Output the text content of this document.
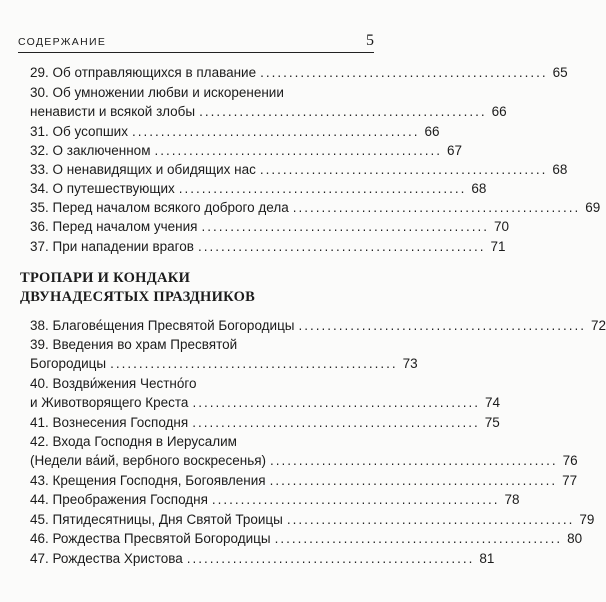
СОДЕРЖАНИЕ	5
29. Об отправляющихся в плавание .................................................. 65
30. Об умножении любви и искоренении
ненависти и всякой злобы .................................................. 66
31. Об усопших .................................................. 66
32. О заключенном .................................................. 67
33. О ненавидящих и обидящих нас .................................................. 68
34. О путешествующих .................................................. 68
35. Перед началом всякого доброго дела .................................................. 69
36. Перед началом учения .................................................. 70
37. При нападении врагов .................................................. 71
ТРОПАРИ И КОНДАКИ
ДВУНАДЕСЯТЫХ ПРАЗДНИКОВ
38. Благове́щения Пресвятой Богородицы .................................................. 72
39. Введения во храм Пресвятой
Богородицы .................................................. 73
40. Воздви́жения Честно́го
и Животворящего Креста .................................................. 74
41. Вознесения Господня .................................................. 75
42. Входа Господня в Иерусалим
(Недели ва́ий, вербного воскресенья) .................................................. 76
43. Крещения Господня, Богоявления .................................................. 77
44. Преображения Господня .................................................. 78
45. Пятидесятницы, Дня Святой Троицы .................................................. 79
46. Рождества Пресвятой Богородицы .................................................. 80
47. Рождества Христова .................................................. 81
